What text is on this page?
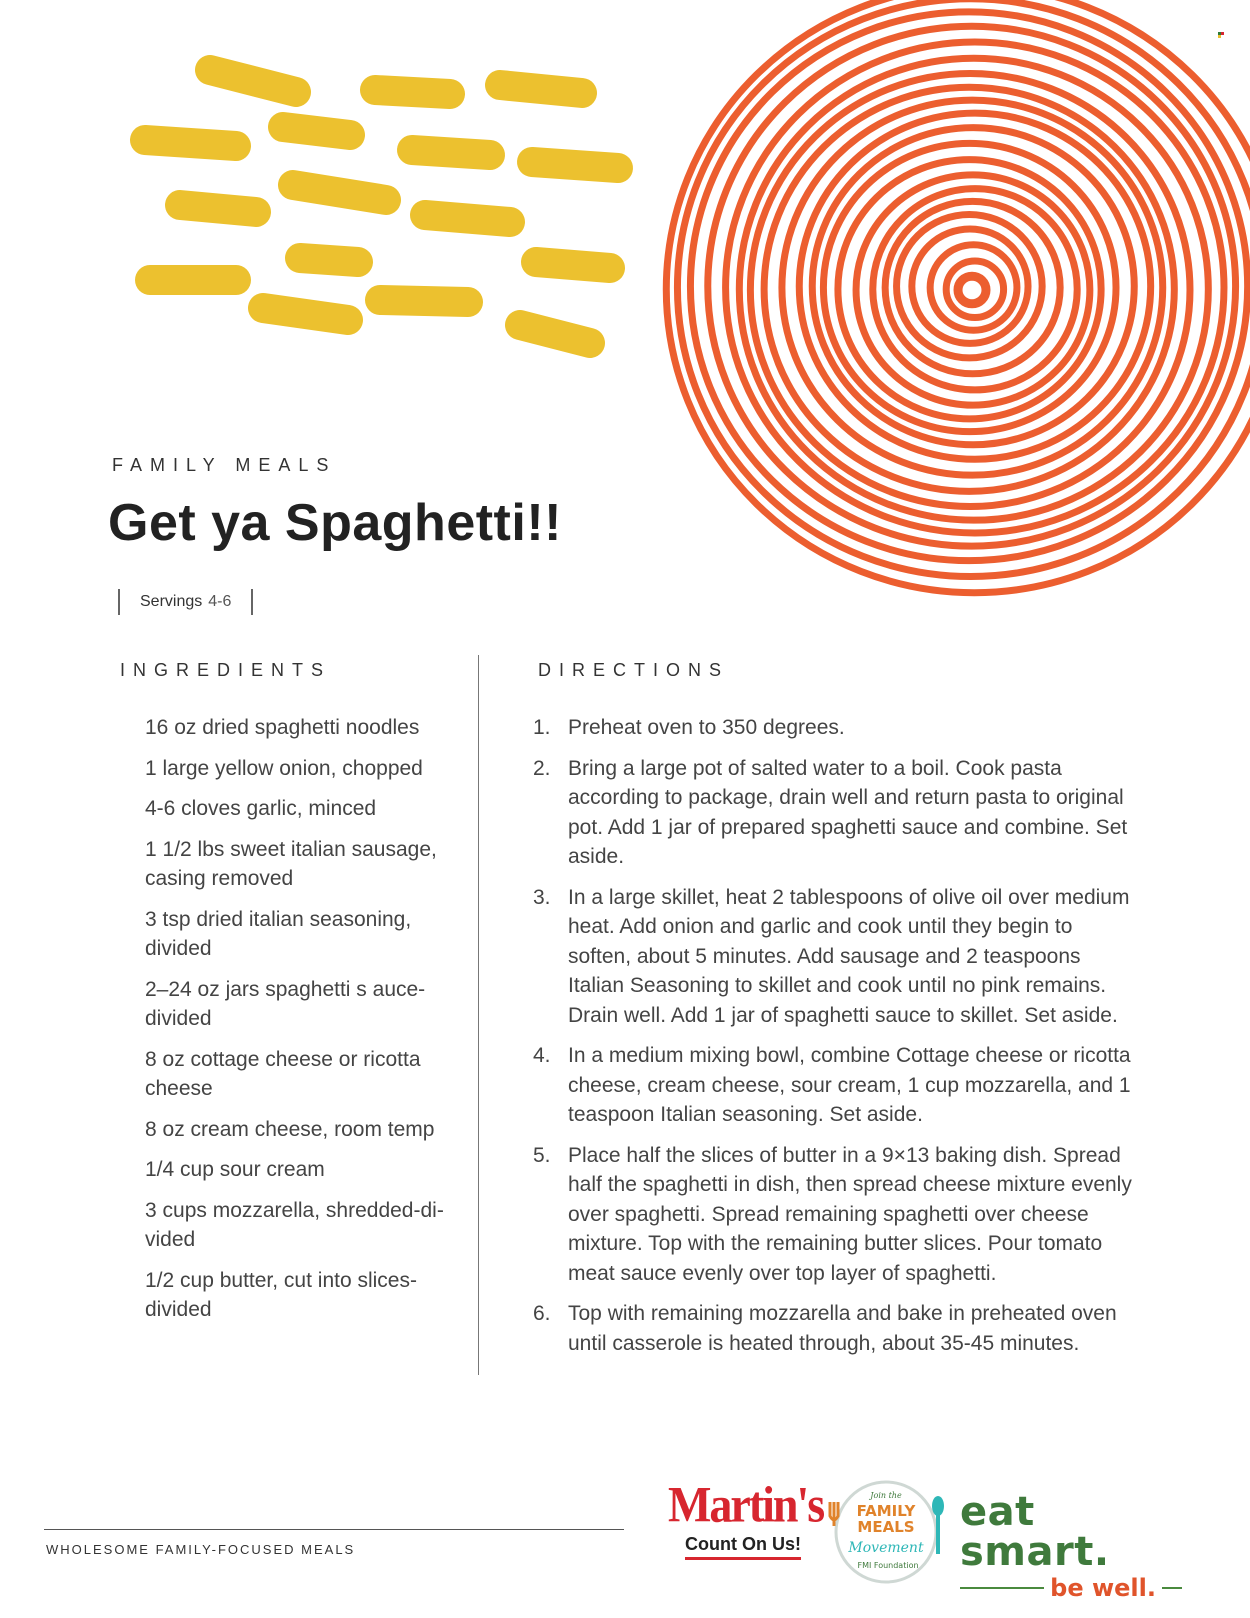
FAMILY MEALS
Get ya Spaghetti!!
Servings 4-6
INGREDIENTS
16 oz dried spaghetti noodles
1 large yellow onion, chopped
4-6 cloves garlic, minced
1 1/2 lbs sweet italian sausage, casing removed
3 tsp dried italian seasoning, divided
2–24 oz jars spaghetti s auce-divided
8 oz cottage cheese or ricotta cheese
8 oz cream cheese, room temp
1/4 cup sour cream
3 cups mozzarella, shredded-di-vided
1/2 cup butter, cut into slices-divided
DIRECTIONS
1. Preheat oven to 350 degrees.
2. Bring a large pot of salted water to a boil. Cook pasta according to package, drain well and return pasta to original pot. Add 1 jar of prepared spaghetti sauce and combine. Set aside.
3. In a large skillet, heat 2 tablespoons of olive oil over medium heat. Add onion and garlic and cook until they begin to soften, about 5 minutes. Add sausage and 2 teaspoons Italian Seasoning to skillet and cook until no pink remains. Drain well. Add 1 jar of spaghetti sauce to skillet. Set aside.
4. In a medium mixing bowl, combine Cottage cheese or ricotta cheese, cream cheese, sour cream, 1 cup mozzarella, and 1 teaspoon Italian seasoning. Set aside.
5. Place half the slices of butter in a 9×13 baking dish. Spread half the spaghetti in dish, then spread cheese mixture evenly over spaghetti. Spread remaining spaghetti over cheese mixture. Top with the remaining butter slices. Pour tomato meat sauce evenly over top layer of spaghetti.
6. Top with remaining mozzarella and bake in preheated oven until casserole is heated through, about 35-45 minutes.

WHOLESOME FAMILY-FOCUSED MEALS

Martin's
Count On Us!
Join the
FAMILY
MEALS
Movement
FMI Foundation
eat smart.
be well.
